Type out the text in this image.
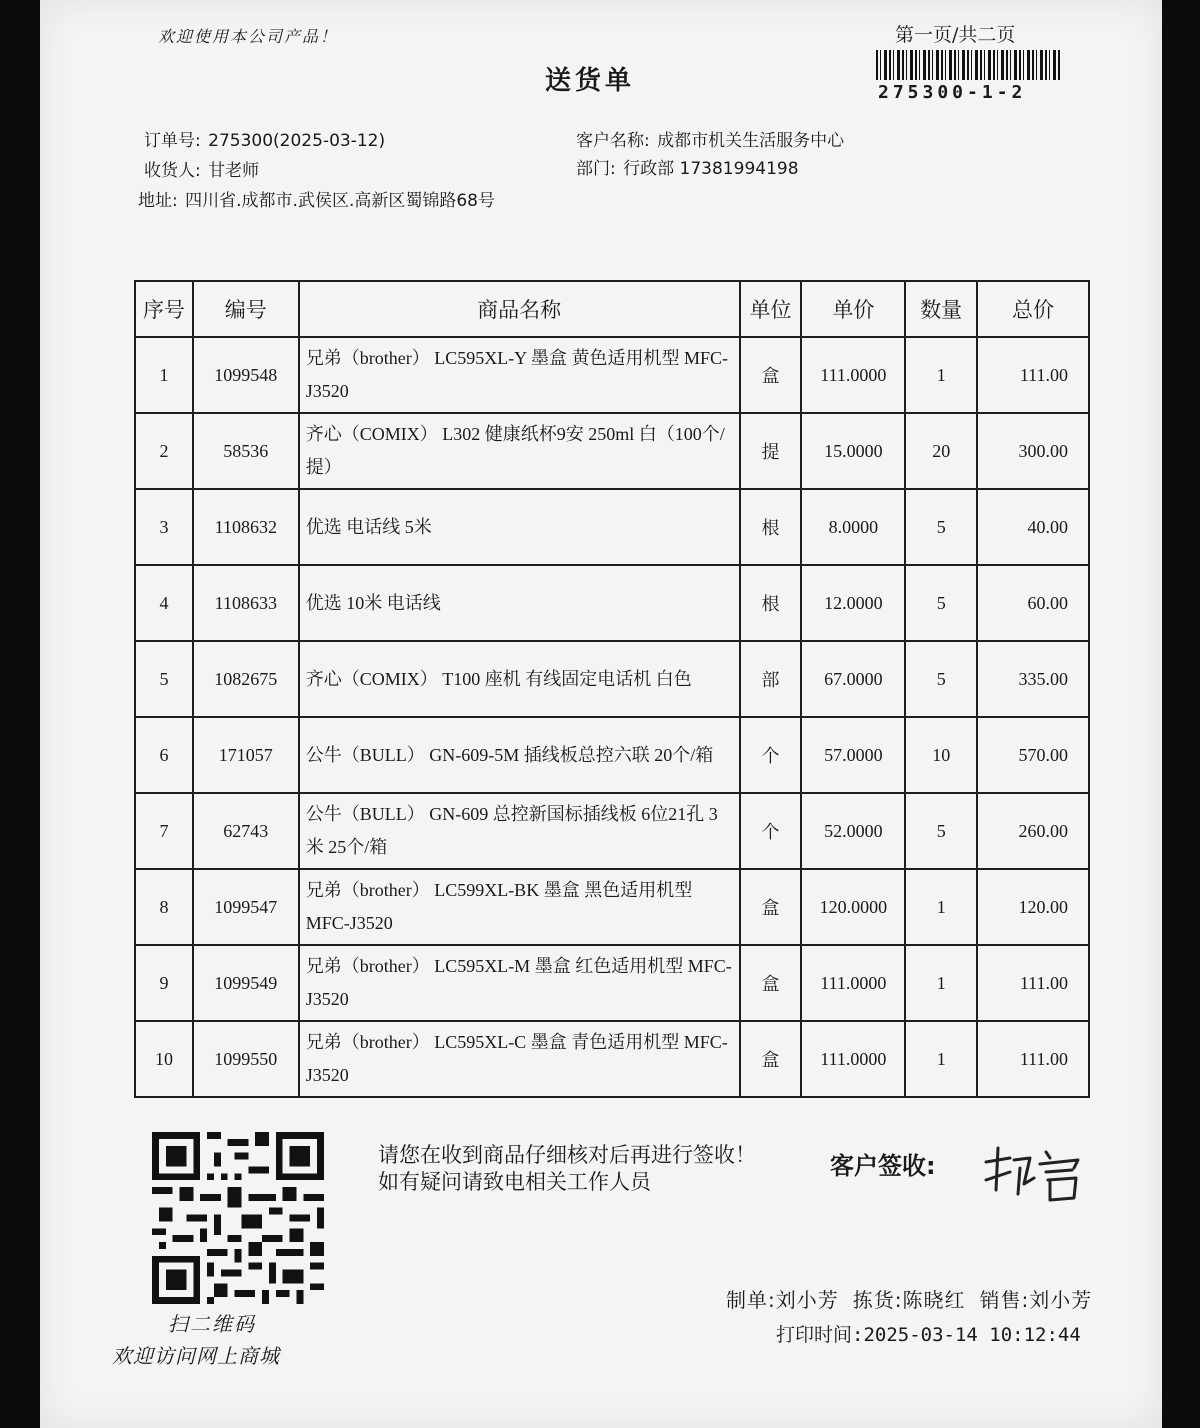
欢迎使用本公司产品！
送货单
第一页/共二页
275300-1-2
订单号: 275300(2025-03-12)
收货人: 甘老师
地址: 四川省.成都市.武侯区.高新区蜀锦路68号
客户名称: 成都市机关生活服务中心
部门: 行政部 17381994198
序号	编号	商品名称	单位	单价	数量	总价
1	1099548	兄弟（brother） LC595XL-Y 墨盒 黄色适用机型 MFC-J3520	盒	111.0000	1	111.00
2	58536	齐心（COMIX） L302 健康纸杯9安 250ml 白（100个/提）	提	15.0000	20	300.00
3	1108632	优选 电话线 5米	根	8.0000	5	40.00
4	1108633	优选 10米 电话线	根	12.0000	5	60.00
5	1082675	齐心（COMIX） T100 座机 有线固定电话机 白色	部	67.0000	5	335.00
6	171057	公牛（BULL） GN-609-5M 插线板总控六联 20个/箱	个	57.0000	10	570.00
7	62743	公牛（BULL） GN-609 总控新国标插线板 6位21孔 3米 25个/箱	个	52.0000	5	260.00
8	1099547	兄弟（brother） LC599XL-BK 墨盒 黑色适用机型 MFC-J3520	盒	120.0000	1	120.00
9	1099549	兄弟（brother） LC595XL-M 墨盒 红色适用机型 MFC-J3520	盒	111.0000	1	111.00
10	1099550	兄弟（brother） LC595XL-C 墨盒 青色适用机型 MFC-J3520	盒	111.0000	1	111.00
扫二维码
欢迎访问网上商城
请您在收到商品仔细核对后再进行签收！如有疑问请致电相关工作人员
客户签收:
制单:刘小芳 拣货:陈晓红 销售:刘小芳
打印时间:2025-03-14 10:12:44
